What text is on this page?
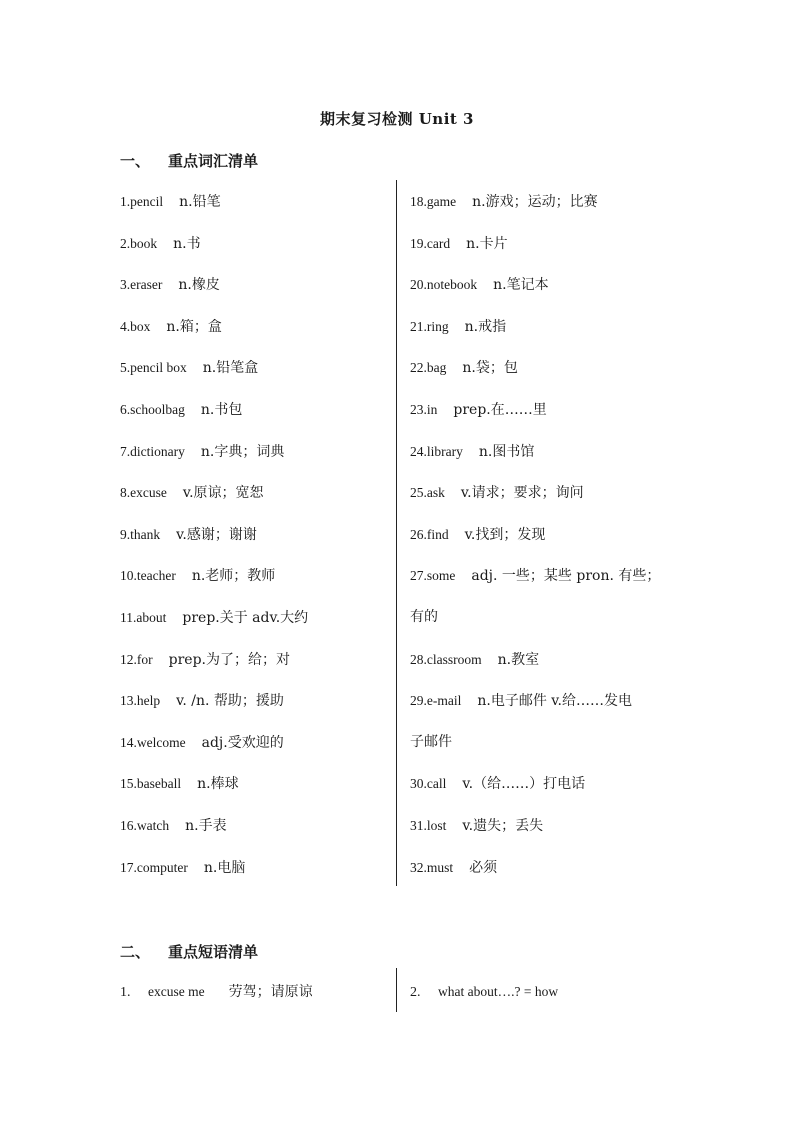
期末复习检测 Unit 3
一、 重点词汇清单
1.pencil n.铅笔
2.book n.书
3.eraser n.橡皮
4.box n.箱；盒
5.pencil box n.铅笔盒
6.schoolbag n.书包
7.dictionary n.字典；词典
8.excuse v.原谅；宽恕
9.thank v.感谢；谢谢
10.teacher n.老师；教师
11.about prep.关于 adv.大约
12.for prep.为了；给；对
13.help v. /n. 帮助；援助
14.welcome adj.受欢迎的
15.baseball n.棒球
16.watch n.手表
17.computer n.电脑
18.game n.游戏；运动；比赛
19.card n.卡片
20.notebook n.笔记本
21.ring n.戒指
22.bag n.袋；包
23.in prep.在……里
24.library n.图书馆
25.ask v.请求；要求；询问
26.find v.找到；发现
27.some adj. 一些；某些 pron. 有些；
有的
28.classroom n.教室
29.e-mail n.电子邮件 v.给……发电
子邮件
30.call v.（给……）打电话
31.lost v.遗失；丢失
32.must 必须
二、 重点短语清单
1. excuse me 劳驾；请原谅	2. what about….? = how
